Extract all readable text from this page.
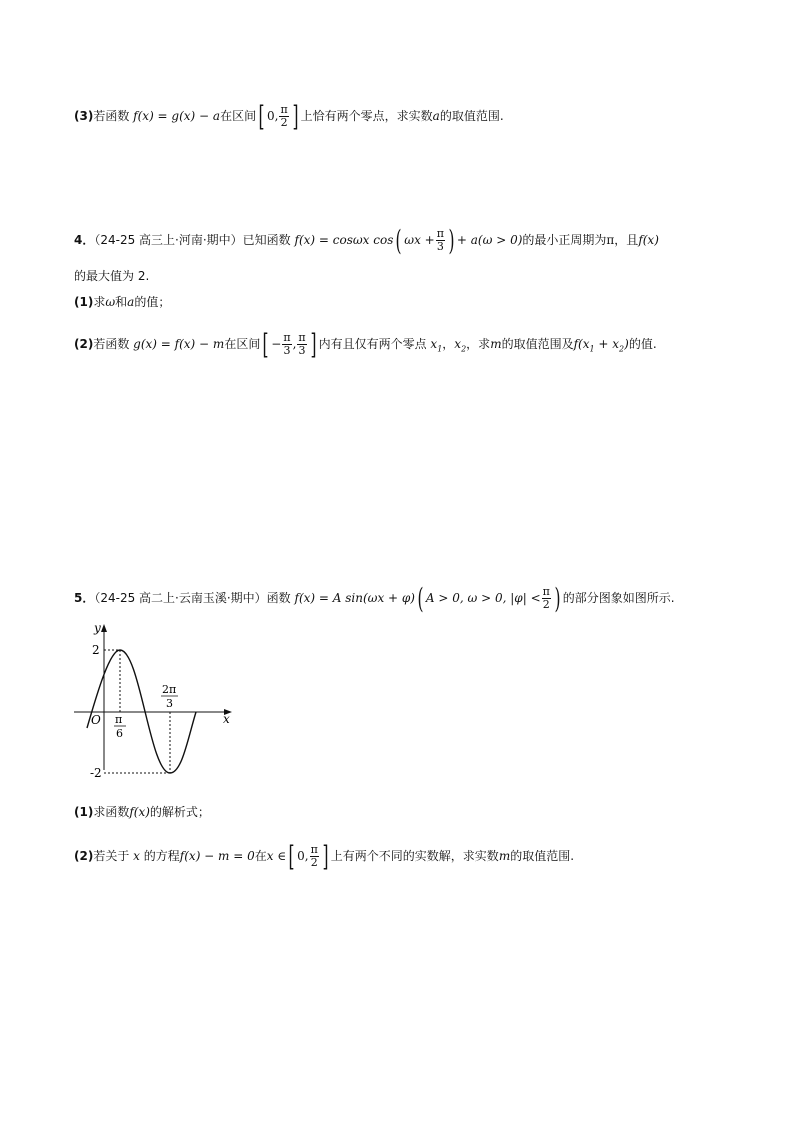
(3)若函数 f(x) = g(x) − a在区间[ 0, $\frac{\pi}{2}$ ] 上恰有两个零点，求实数a的取值范围.
4．（24-25 高三上·河南·期中）已知函数 f(x) = cosωx cos( $\omega x + \frac{\pi}{3}$ ) + a(ω > 0)的最小正周期为π，且f(x)
的最大值为 2.
(1)求ω和a的值；
(2)若函数 g(x) = f(x) − m在区间[ − $\frac{\pi}{3}$ , $\frac{\pi}{3}$ ] 内有且仅有两个零点 $x_1$，$x_2$，求m的取值范围及$f(x_1 + x_2)$的值.
5．（24-25 高二上·云南玉溪·期中）函数 f(x) = A sin(ωx + φ)( A > 0, ω > 0, $|\varphi| < \frac{\pi}{2}$ ) 的部分图象如图所示.
y
x
O
2
-2
π
6
2π
3
(1)求函数f(x)的解析式；
(2)若关于 x 的方程f(x) − m = 0在x ∈[ 0, $\frac{\pi}{2}$ ] 上有两个不同的实数解，求实数m的取值范围.
